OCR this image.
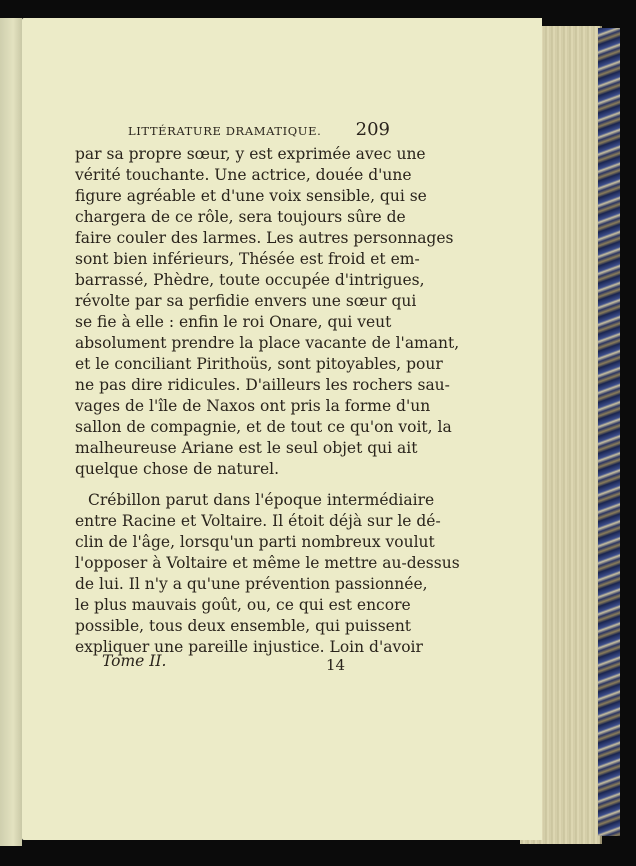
LITTÉRATURE DRAMATIQUE. 209
par sa propre sœur, y est exprimée avec une
vérité touchante. Une actrice, douée d'une
figure agréable et d'une voix sensible, qui se
chargera de ce rôle, sera toujours sûre de
faire couler des larmes. Les autres personnages
sont bien inférieurs, Thésée est froid et em-
barrassé, Phèdre, toute occupée d'intrigues,
révolte par sa perfidie envers une sœur qui
se fie à elle : enfin le roi Onare, qui veut
absolument prendre la place vacante de l'amant,
et le conciliant Pirithoüs, sont pitoyables, pour
ne pas dire ridicules. D'ailleurs les rochers sau-
vages de l'île de Naxos ont pris la forme d'un
sallon de compagnie, et de tout ce qu'on voit, la
malheureuse Ariane est le seul objet qui ait
quelque chose de naturel.
Crébillon parut dans l'époque intermédiaire
entre Racine et Voltaire. Il étoit déjà sur le dé-
clin de l'âge, lorsqu'un parti nombreux voulut
l'opposer à Voltaire et même le mettre au-dessus
de lui. Il n'y a qu'une prévention passionnée,
le plus mauvais goût, ou, ce qui est encore
possible, tous deux ensemble, qui puissent
expliquer une pareille injustice. Loin d'avoir
Tome II.	14
